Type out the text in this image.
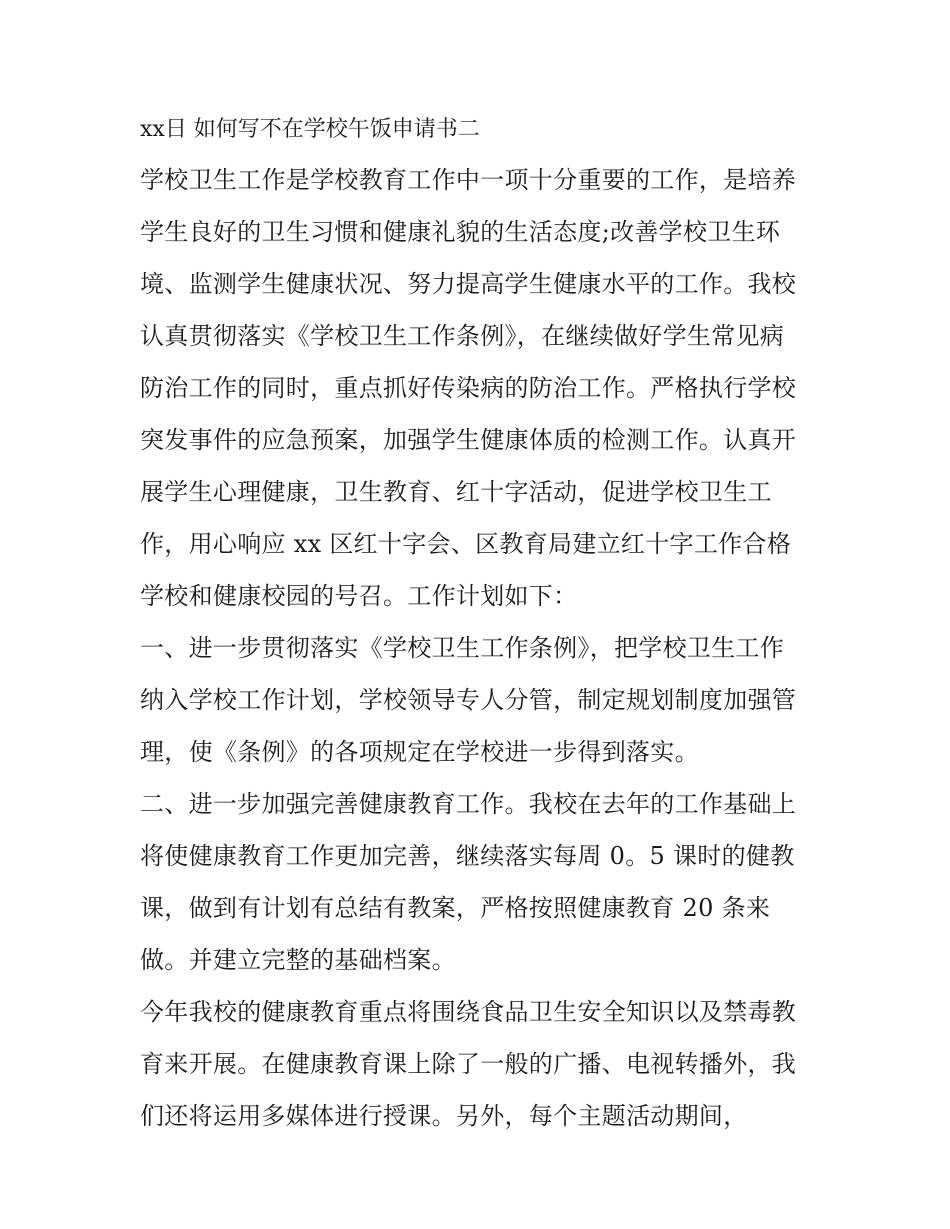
xx日 如何写不在学校午饭申请书二

学校卫生工作是学校教育工作中一项十分重要的工作，是培养

学生良好的卫生习惯和健康礼貌的生活态度;改善学校卫生环

境、监测学生健康状况、努力提高学生健康水平的工作。我校

认真贯彻落实《学校卫生工作条例》，在继续做好学生常见病

防治工作的同时，重点抓好传染病的防治工作。严格执行学校

突发事件的应急预案，加强学生健康体质的检测工作。认真开

展学生心理健康，卫生教育、红十字活动，促进学校卫生工

作，用心响应 xx 区红十字会、区教育局建立红十字工作合格

学校和健康校园的号召。工作计划如下：

一、进一步贯彻落实《学校卫生工作条例》，把学校卫生工作

纳入学校工作计划，学校领导专人分管，制定规划制度加强管

理，使《条例》的各项规定在学校进一步得到落实。

二、进一步加强完善健康教育工作。我校在去年的工作基础上

将使健康教育工作更加完善，继续落实每周 0。5 课时的健教

课，做到有计划有总结有教案，严格按照健康教育 20 条来

做。并建立完整的基础档案。

今年我校的健康教育重点将围绕食品卫生安全知识以及禁毒教

育来开展。在健康教育课上除了一般的广播、电视转播外，我

们还将运用多媒体进行授课。另外，每个主题活动期间，
